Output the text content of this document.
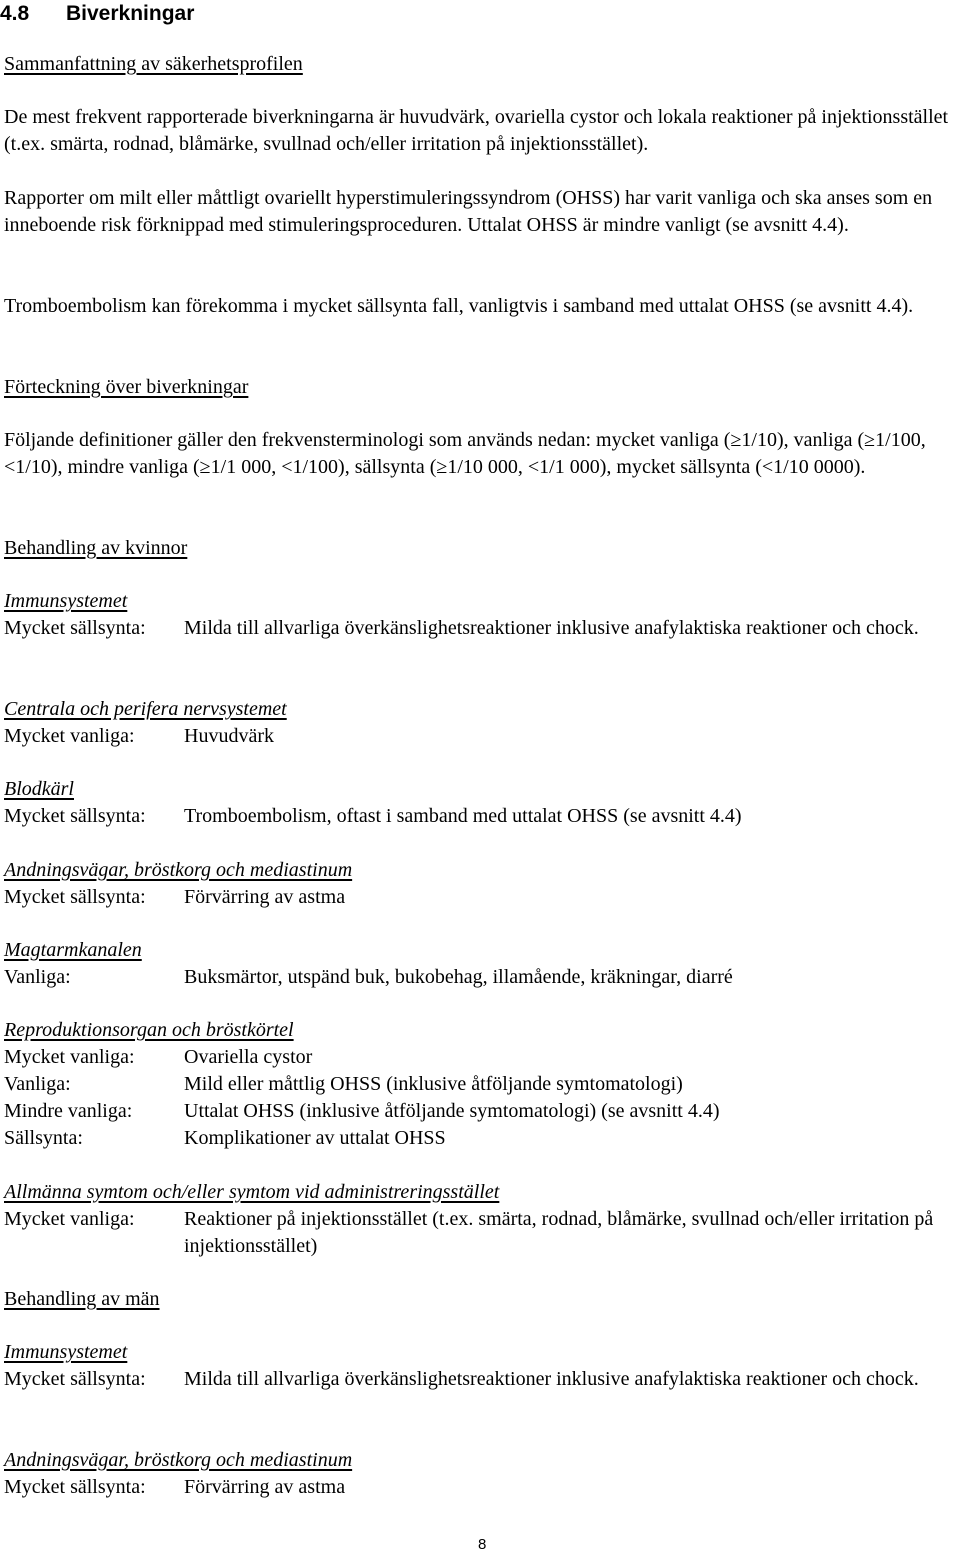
4.8 Biverkningar
Sammanfattning av säkerhetsprofilen
De mest frekvent rapporterade biverkningarna är huvudvärk, ovariella cystor och lokala reaktioner på injektionsstället (t.ex. smärta, rodnad, blåmärke, svullnad och/eller irritation på injektionsstället).
Rapporter om milt eller måttligt ovariellt hyperstimuleringssyndrom (OHSS) har varit vanliga och ska anses som en inneboende risk förknippad med stimuleringsproceduren. Uttalat OHSS är mindre vanligt (se avsnitt 4.4).
Tromboembolism kan förekomma i mycket sällsynta fall, vanligtvis i samband med uttalat OHSS (se avsnitt 4.4).
Förteckning över biverkningar
Följande definitioner gäller den frekvensterminologi som används nedan: mycket vanliga (≥1/10), vanliga (≥1/100, <1/10), mindre vanliga (≥1/1 000, <1/100), sällsynta (≥1/10 000, <1/1 000), mycket sällsynta (<1/10 0000).
Behandling av kvinnor
Immunsystemet
Mycket sällsynta: Milda till allvarliga överkänslighetsreaktioner inklusive anafylaktiska reaktioner och chock.
Centrala och perifera nervsystemet
Mycket vanliga: Huvudvärk
Blodkärl
Mycket sällsynta: Tromboembolism, oftast i samband med uttalat OHSS (se avsnitt 4.4)
Andningsvägar, bröstkorg och mediastinum
Mycket sällsynta: Förvärring av astma
Magtarmkanalen
Vanliga:	Buksmärtor, utspänd buk, bukobehag, illamående, kräkningar, diarré
Reproduktionsorgan och bröstkörtel
Mycket vanliga: Ovariella cystor
Vanliga:	Mild eller måttlig OHSS (inklusive åtföljande symtomatologi)
Mindre vanliga:	Uttalat OHSS (inklusive åtföljande symtomatologi) (se avsnitt 4.4)
Sällsynta:	Komplikationer av uttalat OHSS
Allmänna symtom och/eller symtom vid administreringsstället
Mycket vanliga: Reaktioner på injektionsstället (t.ex. smärta, rodnad, blåmärke, svullnad och/eller irritation på injektionsstället)
Behandling av män
Immunsystemet
Mycket sällsynta: Milda till allvarliga överkänslighetsreaktioner inklusive anafylaktiska reaktioner och chock.
Andningsvägar, bröstkorg och mediastinum
Mycket sällsynta: Förvärring av astma
8
